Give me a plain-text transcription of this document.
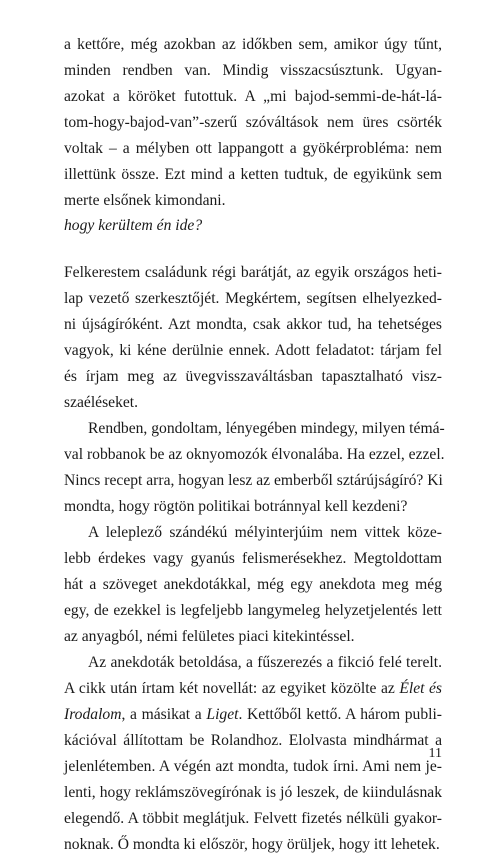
a kettőre, még azokban az időkben sem, amikor úgy tűnt,
minden rendben van. Mindig visszacsúsztunk. Ugyan-
azokat a köröket futottuk. A „mi bajod-semmi-de-hát-lá-
tom-hogy-bajod-van”-szerű szóváltások nem üres csörték
voltak – a mélyben ott lappangott a gyökérprobléma: nem
illettünk össze. Ezt mind a ketten tudtuk, de egyikünk sem
merte elsőnek kimondani.
hogy kerültem én ide?
Felkerestem családunk régi barátját, az egyik országos heti-
lap vezető szerkesztőjét. Megkértem, segítsen elhelyezked-
ni újságíróként. Azt mondta, csak akkor tud, ha tehetséges
vagyok, ki kéne derülnie ennek. Adott feladatot: tárjam fel
és írjam meg az üvegvisszaváltásban tapasztalható visz-
szaéléseket.
Rendben, gondoltam, lényegében mindegy, milyen témá-
val robbanok be az oknyomozók élvonalába. Ha ezzel, ezzel.
Nincs recept arra, hogyan lesz az emberből sztárújságíró? Ki
mondta, hogy rögtön politikai botránnyal kell kezdeni?
A leleplező szándékú mélyinterjúim nem vittek köze-
lebb érdekes vagy gyanús felismerésekhez. Megtoldottam
hát a szöveget anekdotákkal, még egy anekdota meg még
egy, de ezekkel is legfeljebb langymeleg helyzetjelentés lett
az anyagból, némi felületes piaci kitekintéssel.
Az anekdoták betoldása, a fűszerezés a fikció felé terelt.
A cikk után írtam két novellát: az egyiket közölte az Élet és
Irodalom, a másikat a Liget. Kettőből kettő. A három publi-
kációval állítottam be Rolandhoz. Elolvasta mindhármat a
jelenlétemben. A végén azt mondta, tudok írni. Ami nem je-
lenti, hogy reklámszövegírónak is jó leszek, de kiindulásnak
elegendő. A többit meglátjuk. Felvett fizetés nélküli gyakor-
noknak. Ő mondta ki először, hogy örüljek, hogy itt lehetek.
11
